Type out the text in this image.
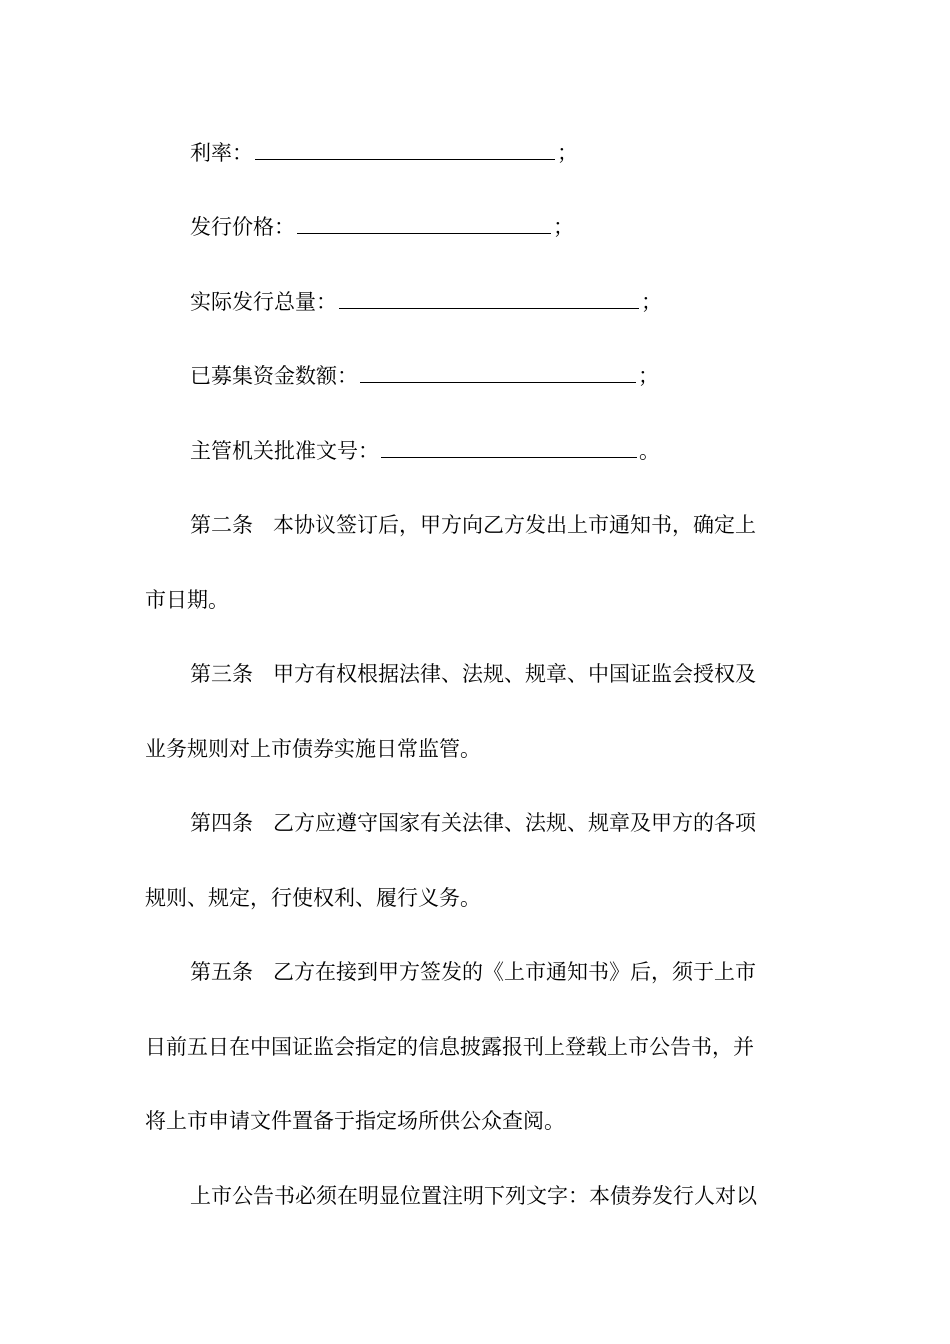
利率：	；
发行价格：	；
实际发行总量：	；
已募集资金数额：	；
主管机关批准文号：	。
第二条 本协议签订后，甲方向乙方发出上市通知书，确定上
市日期。
第三条 甲方有权根据法律、法规、规章、中国证监会授权及
业务规则对上市债券实施日常监管。
第四条 乙方应遵守国家有关法律、法规、规章及甲方的各项
规则、规定，行使权利、履行义务。
第五条 乙方在接到甲方签发的《上市通知书》后，须于上市
日前五日在中国证监会指定的信息披露报刊上登载上市公告书，并
将上市申请文件置备于指定场所供公众查阅。
上市公告书必须在明显位置注明下列文字：本债券发行人对以
